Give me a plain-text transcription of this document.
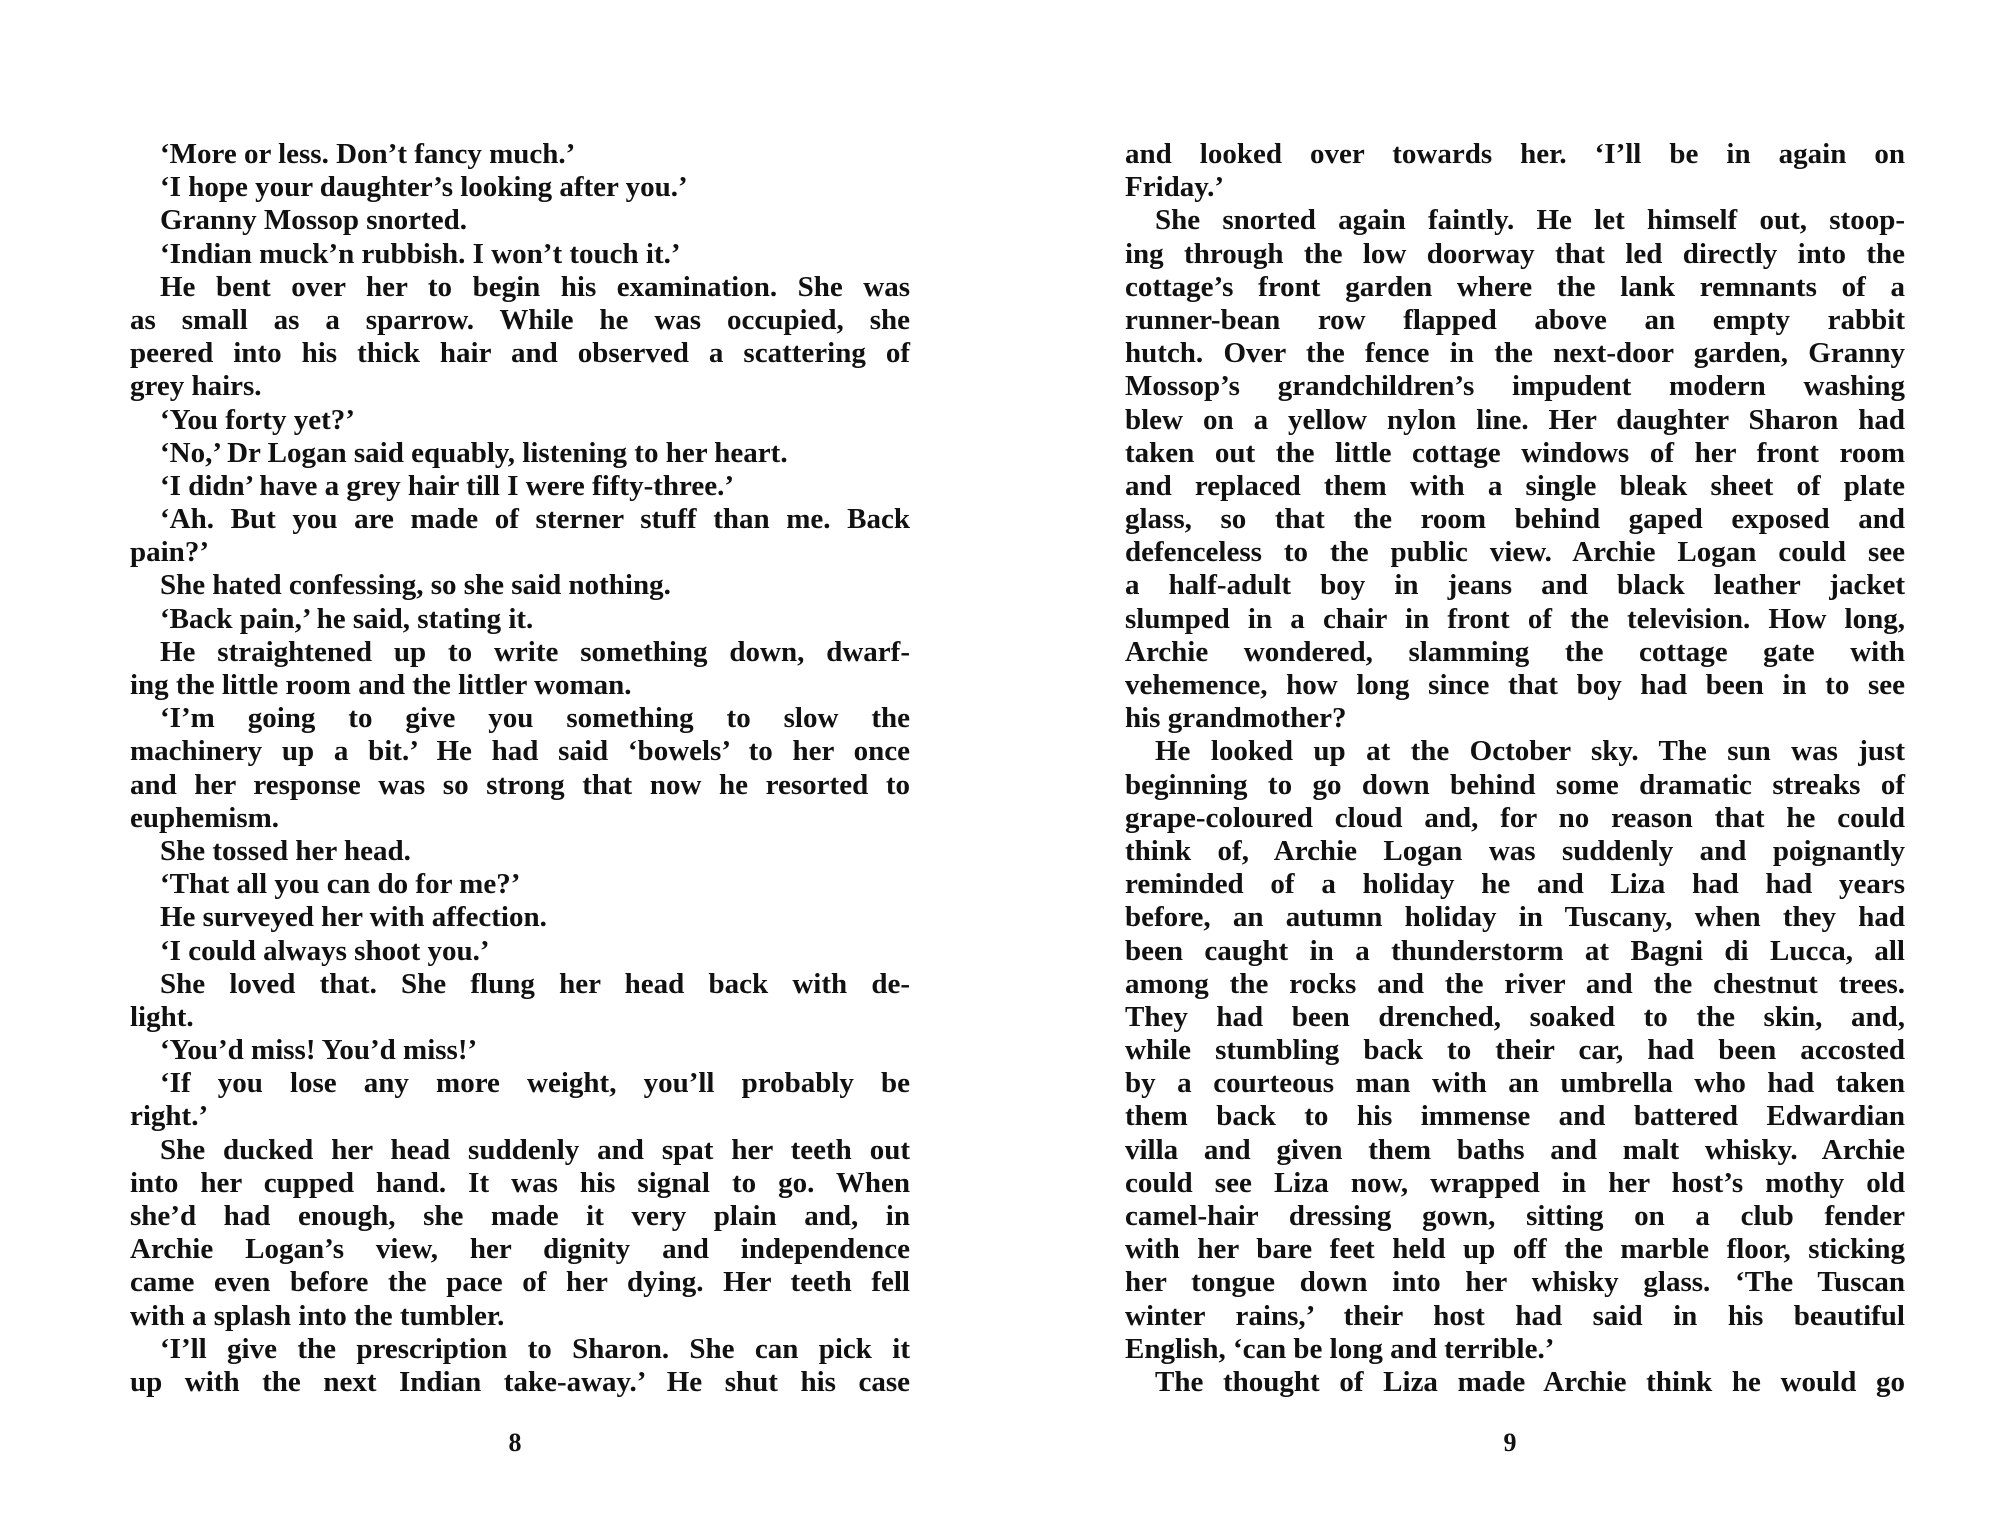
‘More or less. Don’t fancy much.’
‘I hope your daughter’s looking after you.’
Granny Mossop snorted.
‘Indian muck’n rubbish. I won’t touch it.’
He bent over her to begin his examination. She was
as small as a sparrow. While he was occupied, she
peered into his thick hair and observed a scattering of
grey hairs.
‘You forty yet?’
‘No,’ Dr Logan said equably, listening to her heart.
‘I didn’ have a grey hair till I were fifty-three.’
‘Ah. But you are made of sterner stuff than me. Back
pain?’
She hated confessing, so she said nothing.
‘Back pain,’ he said, stating it.
He straightened up to write something down, dwarf-
ing the little room and the littler woman.
‘I’m going to give you something to slow the
machinery up a bit.’ He had said ‘bowels’ to her once
and her response was so strong that now he resorted to
euphemism.
She tossed her head.
‘That all you can do for me?’
He surveyed her with affection.
‘I could always shoot you.’
She loved that. She flung her head back with de-
light.
‘You’d miss! You’d miss!’
‘If you lose any more weight, you’ll probably be
right.’
She ducked her head suddenly and spat her teeth out
into her cupped hand. It was his signal to go. When
she’d had enough, she made it very plain and, in
Archie Logan’s view, her dignity and independence
came even before the pace of her dying. Her teeth fell
with a splash into the tumbler.
‘I’ll give the prescription to Sharon. She can pick it
up with the next Indian take-away.’ He shut his case
8
and looked over towards her. ‘I’ll be in again on
Friday.’
She snorted again faintly. He let himself out, stoop-
ing through the low doorway that led directly into the
cottage’s front garden where the lank remnants of a
runner-bean row flapped above an empty rabbit
hutch. Over the fence in the next-door garden, Granny
Mossop’s grandchildren’s impudent modern washing
blew on a yellow nylon line. Her daughter Sharon had
taken out the little cottage windows of her front room
and replaced them with a single bleak sheet of plate
glass, so that the room behind gaped exposed and
defenceless to the public view. Archie Logan could see
a half-adult boy in jeans and black leather jacket
slumped in a chair in front of the television. How long,
Archie wondered, slamming the cottage gate with
vehemence, how long since that boy had been in to see
his grandmother?
He looked up at the October sky. The sun was just
beginning to go down behind some dramatic streaks of
grape-coloured cloud and, for no reason that he could
think of, Archie Logan was suddenly and poignantly
reminded of a holiday he and Liza had had years
before, an autumn holiday in Tuscany, when they had
been caught in a thunderstorm at Bagni di Lucca, all
among the rocks and the river and the chestnut trees.
They had been drenched, soaked to the skin, and,
while stumbling back to their car, had been accosted
by a courteous man with an umbrella who had taken
them back to his immense and battered Edwardian
villa and given them baths and malt whisky. Archie
could see Liza now, wrapped in her host’s mothy old
camel-hair dressing gown, sitting on a club fender
with her bare feet held up off the marble floor, sticking
her tongue down into her whisky glass. ‘The Tuscan
winter rains,’ their host had said in his beautiful
English, ‘can be long and terrible.’
The thought of Liza made Archie think he would go
9
